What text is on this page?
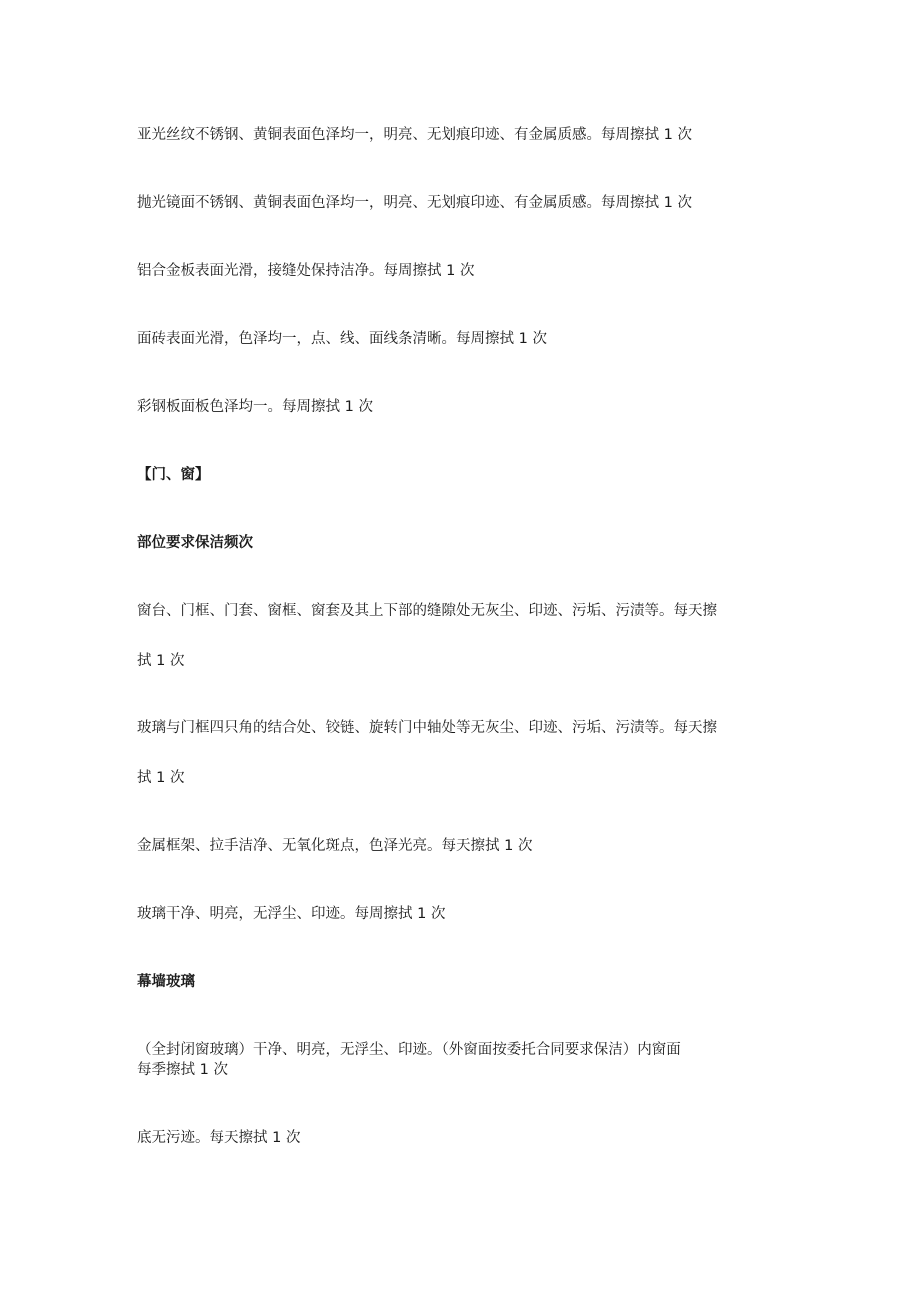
亚光丝纹不锈钢、黄铜表面色泽均一，明亮、无划痕印迹、有金属质感。每周擦拭 1 次

抛光镜面不锈钢、黄铜表面色泽均一，明亮、无划痕印迹、有金属质感。每周擦拭 1 次

铝合金板表面光滑，接缝处保持洁净。每周擦拭 1 次

面砖表面光滑，色泽均一，点、线、面线条清晰。每周擦拭 1 次

彩钢板面板色泽均一。每周擦拭 1 次

【门、窗】

部位要求保洁频次

窗台、门框、门套、窗框、窗套及其上下部的缝隙处无灰尘、印迹、污垢、污渍等。每天擦

拭 1 次

玻璃与门框四只角的结合处、铰链、旋转门中轴处等无灰尘、印迹、污垢、污渍等。每天擦

拭 1 次

金属框架、拉手洁净、无氧化斑点，色泽光亮。每天擦拭 1 次

玻璃干净、明亮，无浮尘、印迹。每周擦拭 1 次

幕墙玻璃

（全封闭窗玻璃）干净、明亮，无浮尘、印迹。（外窗面按委托合同要求保洁）内窗面

每季擦拭 1 次

底无污迹。每天擦拭 1 次
